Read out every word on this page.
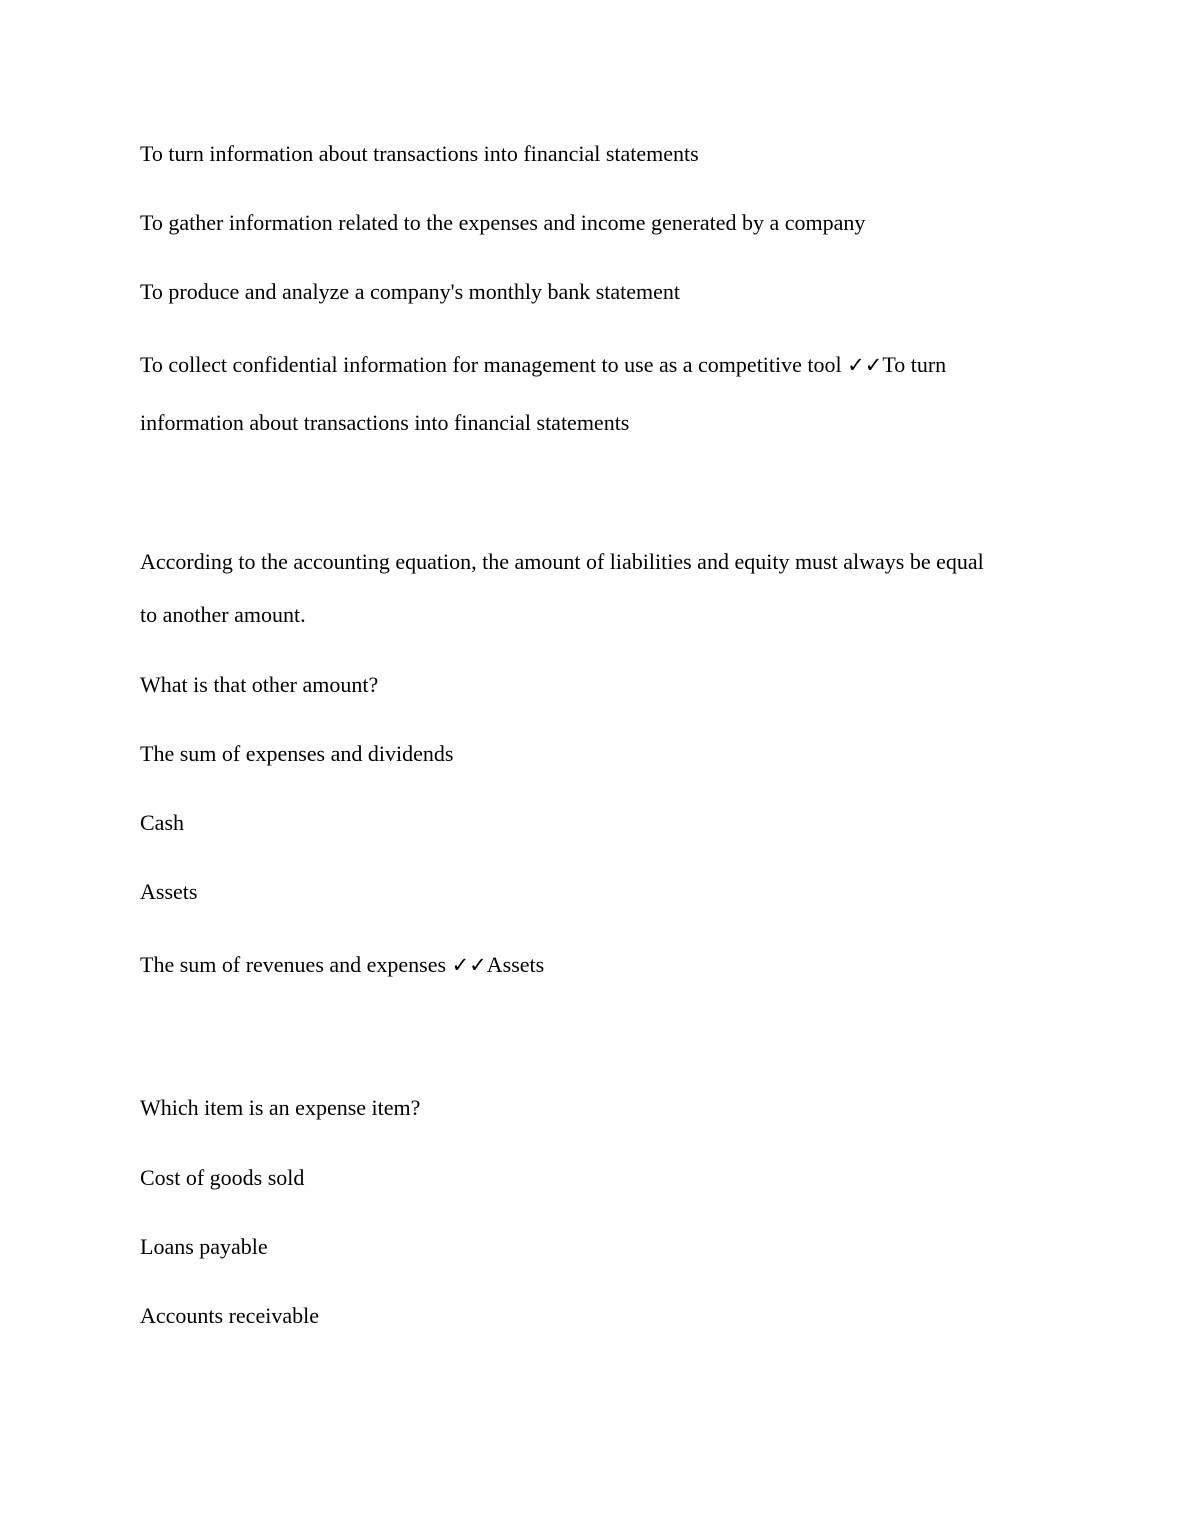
To turn information about transactions into financial statements
To gather information related to the expenses and income generated by a company
To produce and analyze a company's monthly bank statement
To collect confidential information for management to use as a competitive tool ✓✓To turn
information about transactions into financial statements
According to the accounting equation, the amount of liabilities and equity must always be equal
to another amount.
What is that other amount?
The sum of expenses and dividends
Cash
Assets
The sum of revenues and expenses ✓✓Assets
Which item is an expense item?
Cost of goods sold
Loans payable
Accounts receivable
